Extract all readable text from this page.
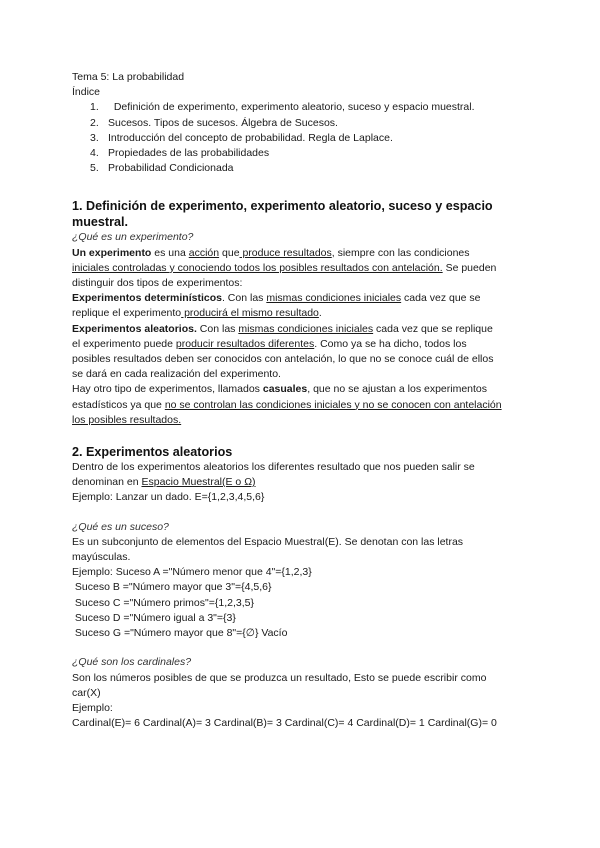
Tema 5: La probabilidad

Índice

1. Definición de experimento, experimento aleatorio, suceso y espacio muestral.
2. Sucesos. Tipos de sucesos. Álgebra de Sucesos.
3. Introducción del concepto de probabilidad. Regla de Laplace.
4. Propiedades de las probabilidades
5. Probabilidad Condicionada
1. Definición de experimento, experimento aleatorio, suceso y espacio muestral.

¿Qué es un experimento?

Un experimento es una acción que produce resultados, siempre con las condiciones

iniciales controladas y conociendo todos los posibles resultados con antelación. Se pueden

distinguir dos tipos de experimentos:

Experimentos determinísticos. Con las mismas condiciones iniciales cada vez que se

replique el experimento producirá el mismo resultado.

Experimentos aleatorios. Con las mismas condiciones iniciales cada vez que se replique

el experimento puede producir resultados diferentes. Como ya se ha dicho, todos los

posibles resultados deben ser conocidos con antelación, lo que no se conoce cuál de ellos

se dará en cada realización del experimento.

Hay otro tipo de experimentos, llamados casuales, que no se ajustan a los experimentos

estadísticos ya que no se controlan las condiciones iniciales y no se conocen con antelación

los posibles resultados.

2. Experimentos aleatorios

Dentro de los experimentos aleatorios los diferentes resultado que nos pueden salir se

denominan en Espacio Muestral(E o Ω)

Ejemplo: Lanzar un dado. E={1,2,3,4,5,6}

¿Qué es un suceso?

Es un subconjunto de elementos del Espacio Muestral(E). Se denotan con las letras

mayúsculas.

Ejemplo: Suceso A ="Número menor que 4"={1,2,3}

Suceso B ="Número mayor que 3"={4,5,6}

Suceso C ="Número primos"={1,2,3,5}

Suceso D ="Número igual a 3"={3}

Suceso G ="Número mayor que 8"={∅} Vacío

¿Qué son los cardinales?

Son los números posibles de que se produzca un resultado, Esto se puede escribir como

car(X)

Ejemplo:

Cardinal(E)= 6 Cardinal(A)= 3 Cardinal(B)= 3 Cardinal(C)= 4 Cardinal(D)= 1 Cardinal(G)= 0
